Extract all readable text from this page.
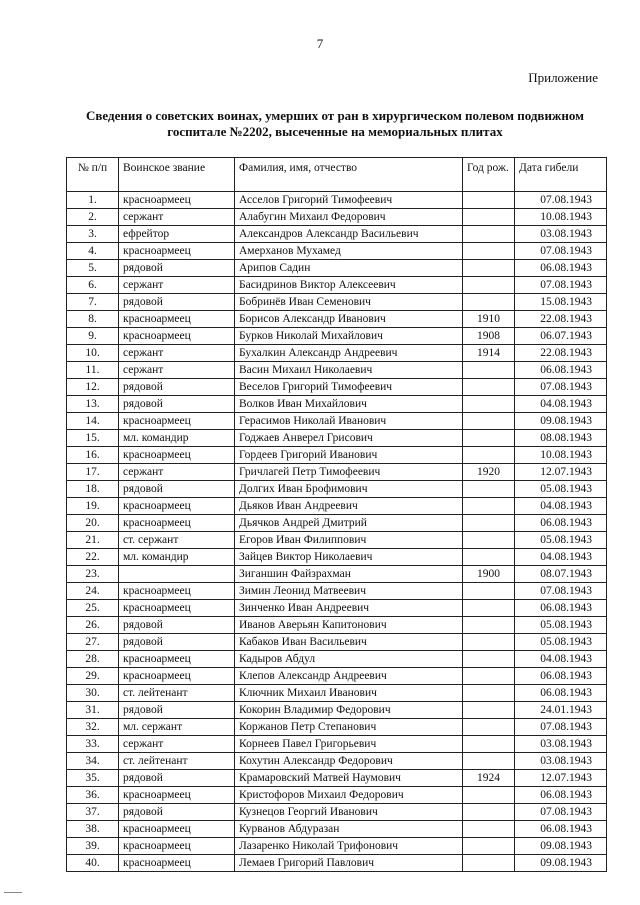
7
Приложение
Сведения о советских воинах, умерших от ран в хирургическом полевом подвижном госпитале №2202, высеченные на мемориальных плитах
№ п/п	Воинское звание	Фамилия, имя, отчество	Год рож.	Дата гибели
1.	красноармеец	Асселов Григорий Тимофеевич		07.08.1943
2.	сержант	Алабугин Михаил Федорович		10.08.1943
3.	ефрейтор	Александров Александр Васильевич		03.08.1943
4.	красноармеец	Амерханов Мухамед		07.08.1943
5.	рядовой	Арипов Садин		06.08.1943
6.	сержант	Басидринов Виктор Алексеевич		07.08.1943
7.	рядовой	Бобринёв Иван Семенович		15.08.1943
8.	красноармеец	Борисов Александр Иванович	1910	22.08.1943
9.	красноармеец	Бурков Николай Михайлович	1908	06.07.1943
10.	сержант	Бухалкин Александр Андреевич	1914	22.08.1943
11.	сержант	Васин Михаил Николаевич		06.08.1943
12.	рядовой	Веселов Григорий Тимофеевич		07.08.1943
13.	рядовой	Волков Иван Михайлович		04.08.1943
14.	красноармеец	Герасимов Николай Иванович		09.08.1943
15.	мл. командир	Годжаев Анверел Грисович		08.08.1943
16.	красноармеец	Гордеев Григорий Иванович		10.08.1943
17.	сержант	Гричлагей Петр Тимофеевич	1920	12.07.1943
18.	рядовой	Долгих Иван Брофимович		05.08.1943
19.	красноармеец	Дьяков Иван Андреевич		04.08.1943
20.	красноармеец	Дьячков Андрей Дмитрий		06.08.1943
21.	ст. сержант	Егоров Иван Филиппович		05.08.1943
22.	мл. командир	Зайцев Виктор Николаевич		04.08.1943
23.		Зиганшин Файзрахман	1900	08.07.1943
24.	красноармеец	Зимин Леонид Матвеевич		07.08.1943
25.	красноармеец	Зинченко Иван Андреевич		06.08.1943
26.	рядовой	Иванов Аверьян Капитонович		05.08.1943
27.	рядовой	Кабаков Иван Васильевич		05.08.1943
28.	красноармеец	Кадыров Абдул		04.08.1943
29.	красноармеец	Клепов Александр Андреевич		06.08.1943
30.	ст. лейтенант	Ключник Михаил Иванович		06.08.1943
31.	рядовой	Кокорин Владимир Федорович		24.01.1943
32.	мл. сержант	Коржанов Петр Степанович		07.08.1943
33.	сержант	Корнеев Павел Григорьевич		03.08.1943
34.	ст. лейтенант	Кохутин Александр Федорович		03.08.1943
35.	рядовой	Крамаровский Матвей Наумович	1924	12.07.1943
36.	красноармеец	Кристофоров Михаил Федорович		06.08.1943
37.	рядовой	Кузнецов Георгий Иванович		07.08.1943
38.	красноармеец	Курванов Абдуразан		06.08.1943
39.	красноармеец	Лазаренко Николай Трифонович		09.08.1943
40.	красноармеец	Лемаев Григорий Павлович		09.08.1943
